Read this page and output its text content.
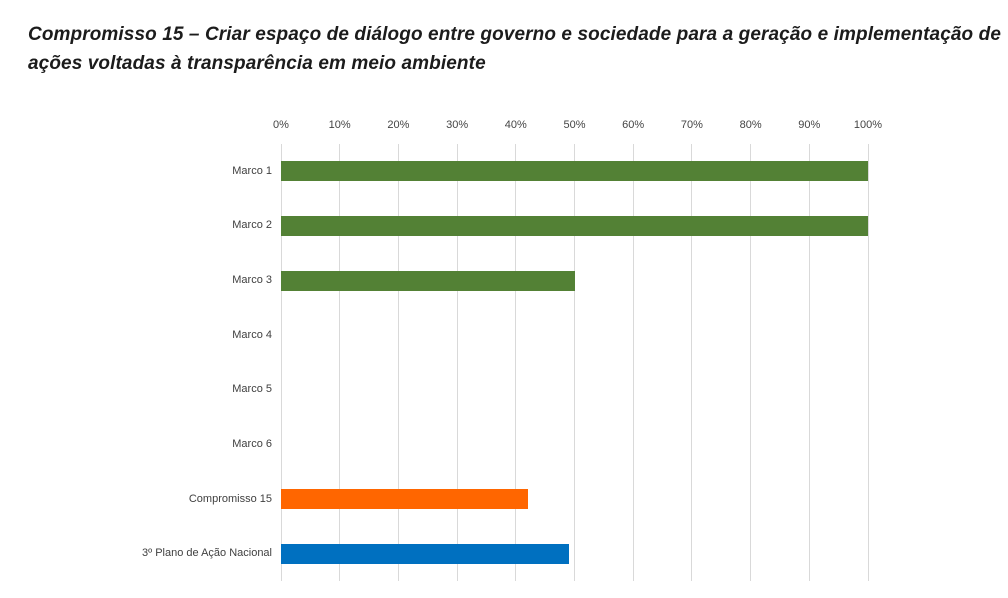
Compromisso 15 – Criar espaço de diálogo entre governo e sociedade para a geração e implementação de ações voltadas à transparência em meio ambiente
0%	10%	20%	30%	40%	50%	60%	70%	80%	90%	100%
Marco 1
Marco 2
Marco 3
Marco 4
Marco 5
Marco 6
Compromisso 15
3º Plano de Ação Nacional
